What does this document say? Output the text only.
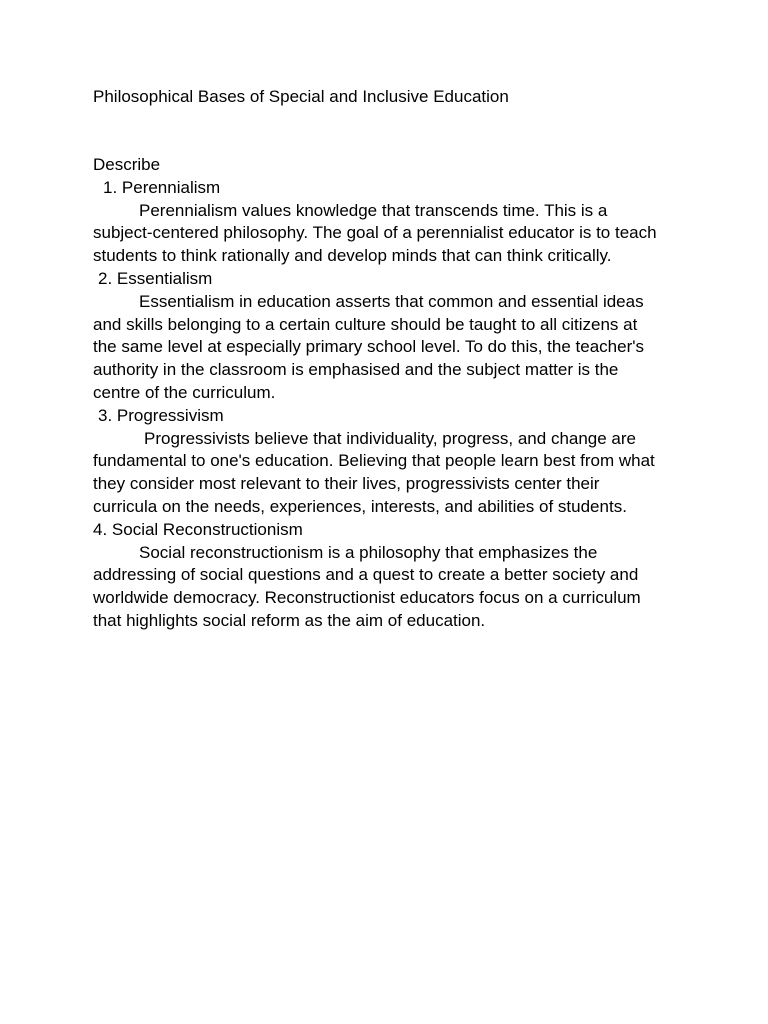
Philosophical Bases of Special and Inclusive Education

Describe

1. Perennialism

Perennialism values knowledge that transcends time. This is a subject-centered philosophy. The goal of a perennialist educator is to teach students to think rationally and develop minds that can think critically.

2. Essentialism

Essentialism in education asserts that common and essential ideas and skills belonging to a certain culture should be taught to all citizens at the same level at especially primary school level. To do this, the teacher's authority in the classroom is emphasised and the subject matter is the centre of the curriculum.

3. Progressivism

Progressivists believe that individuality, progress, and change are fundamental to one's education. Believing that people learn best from what they consider most relevant to their lives, progressivists center their curricula on the needs, experiences, interests, and abilities of students.

4. Social Reconstructionism

Social reconstructionism is a philosophy that emphasizes the addressing of social questions and a quest to create a better society and worldwide democracy. Reconstructionist educators focus on a curriculum that highlights social reform as the aim of education.
